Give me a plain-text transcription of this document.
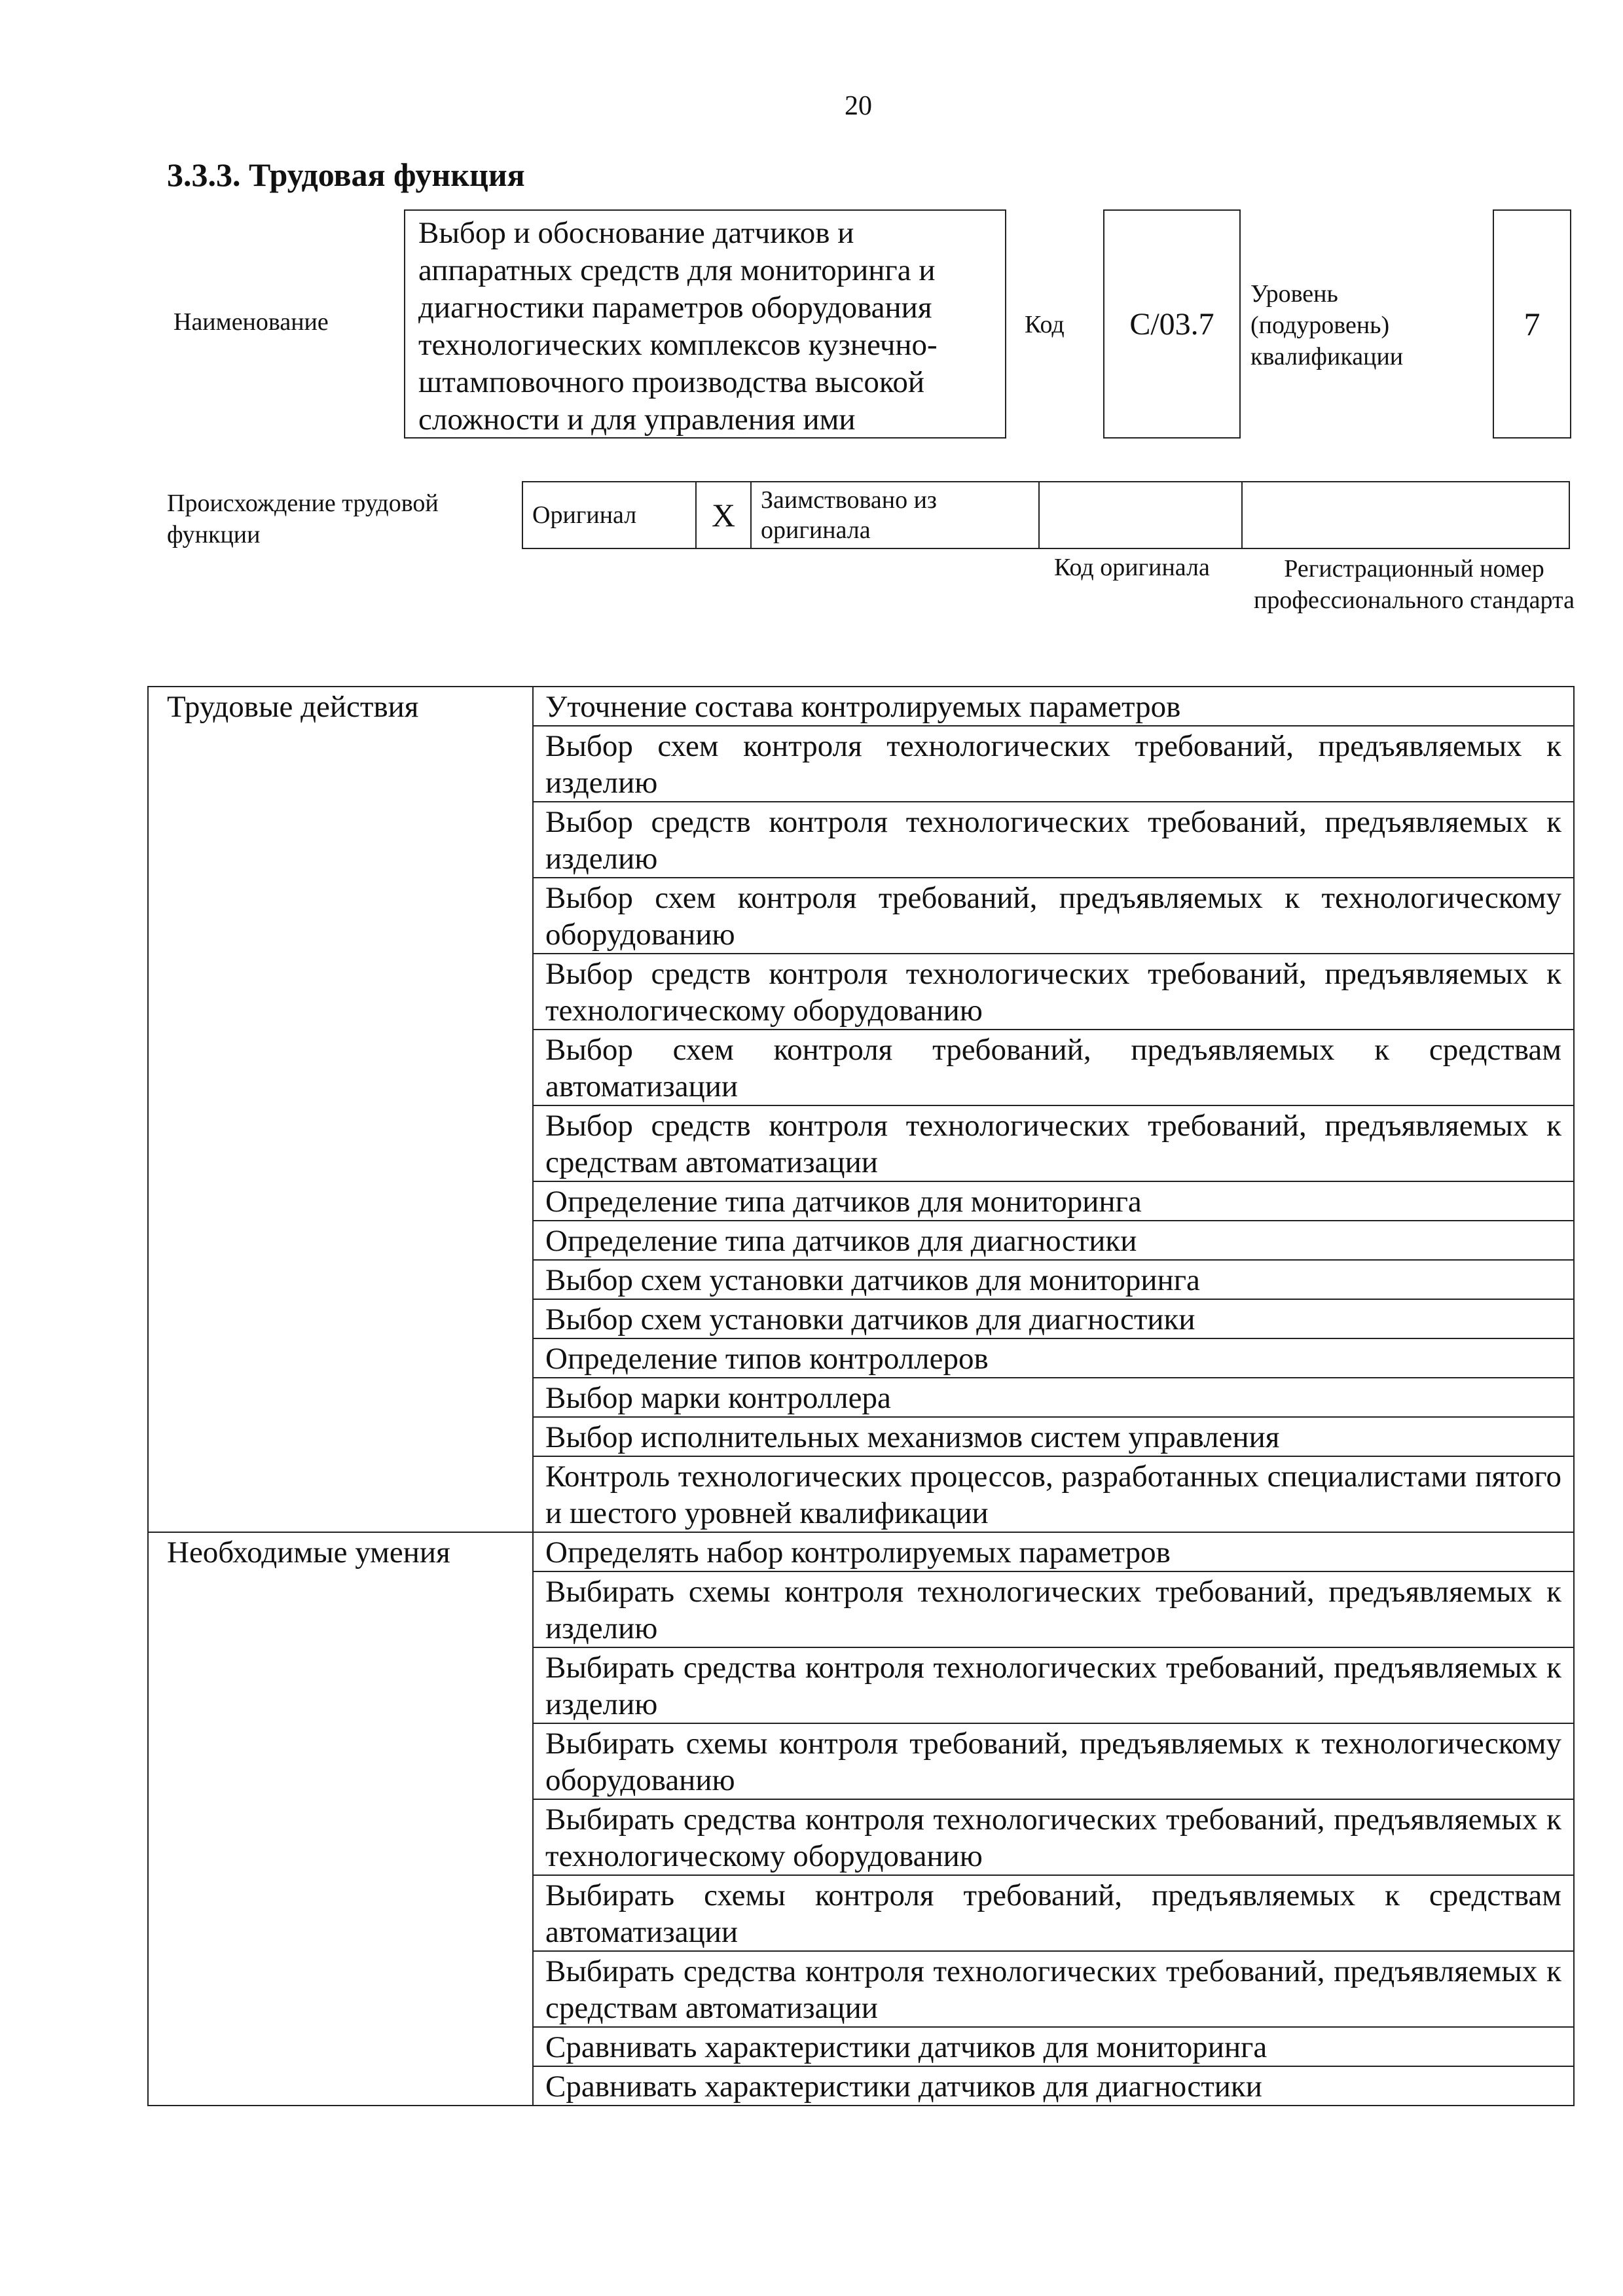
20
3.3.3. Трудовая функция
Наименование
Выбор и обоснование датчиков и аппаратных средств для мониторинга и диагностики параметров оборудования технологических комплексов кузнечно-штамповочного производства высокой сложности и для управления ими
Код	C/03.7
Уровень (подуровень) квалификации
7
Происхождение трудовой функции
Оригинал	X	Заимствовано из оригинала		
Код оригинала	Регистрационный номер профессионального стандарта
Трудовые действия	Уточнение состава контролируемых параметров
	Выбор схем контроля технологических требований, предъявляемых к изделию
	Выбор средств контроля технологических требований, предъявляемых к изделию
	Выбор схем контроля требований, предъявляемых к технологическому оборудованию
	Выбор средств контроля технологических требований, предъявляемых к технологическому оборудованию
	Выбор схем контроля требований, предъявляемых к средствам автоматизации
	Выбор средств контроля технологических требований, предъявляемых к средствам автоматизации
	Определение типа датчиков для мониторинга
	Определение типа датчиков для диагностики
	Выбор схем установки датчиков для мониторинга
	Выбор схем установки датчиков для диагностики
	Определение типов контроллеров
	Выбор марки контроллера
	Выбор исполнительных механизмов систем управления
	Контроль технологических процессов, разработанных специалистами пятого и шестого уровней квалификации
Необходимые умения	Определять набор контролируемых параметров
	Выбирать схемы контроля технологических требований, предъявляемых к изделию
	Выбирать средства контроля технологических требований, предъявляемых к изделию
	Выбирать схемы контроля требований, предъявляемых к технологическому оборудованию
	Выбирать средства контроля технологических требований, предъявляемых к технологическому оборудованию
	Выбирать схемы контроля требований, предъявляемых к средствам автоматизации
	Выбирать средства контроля технологических требований, предъявляемых к средствам автоматизации
	Сравнивать характеристики датчиков для мониторинга
	Сравнивать характеристики датчиков для диагностики
